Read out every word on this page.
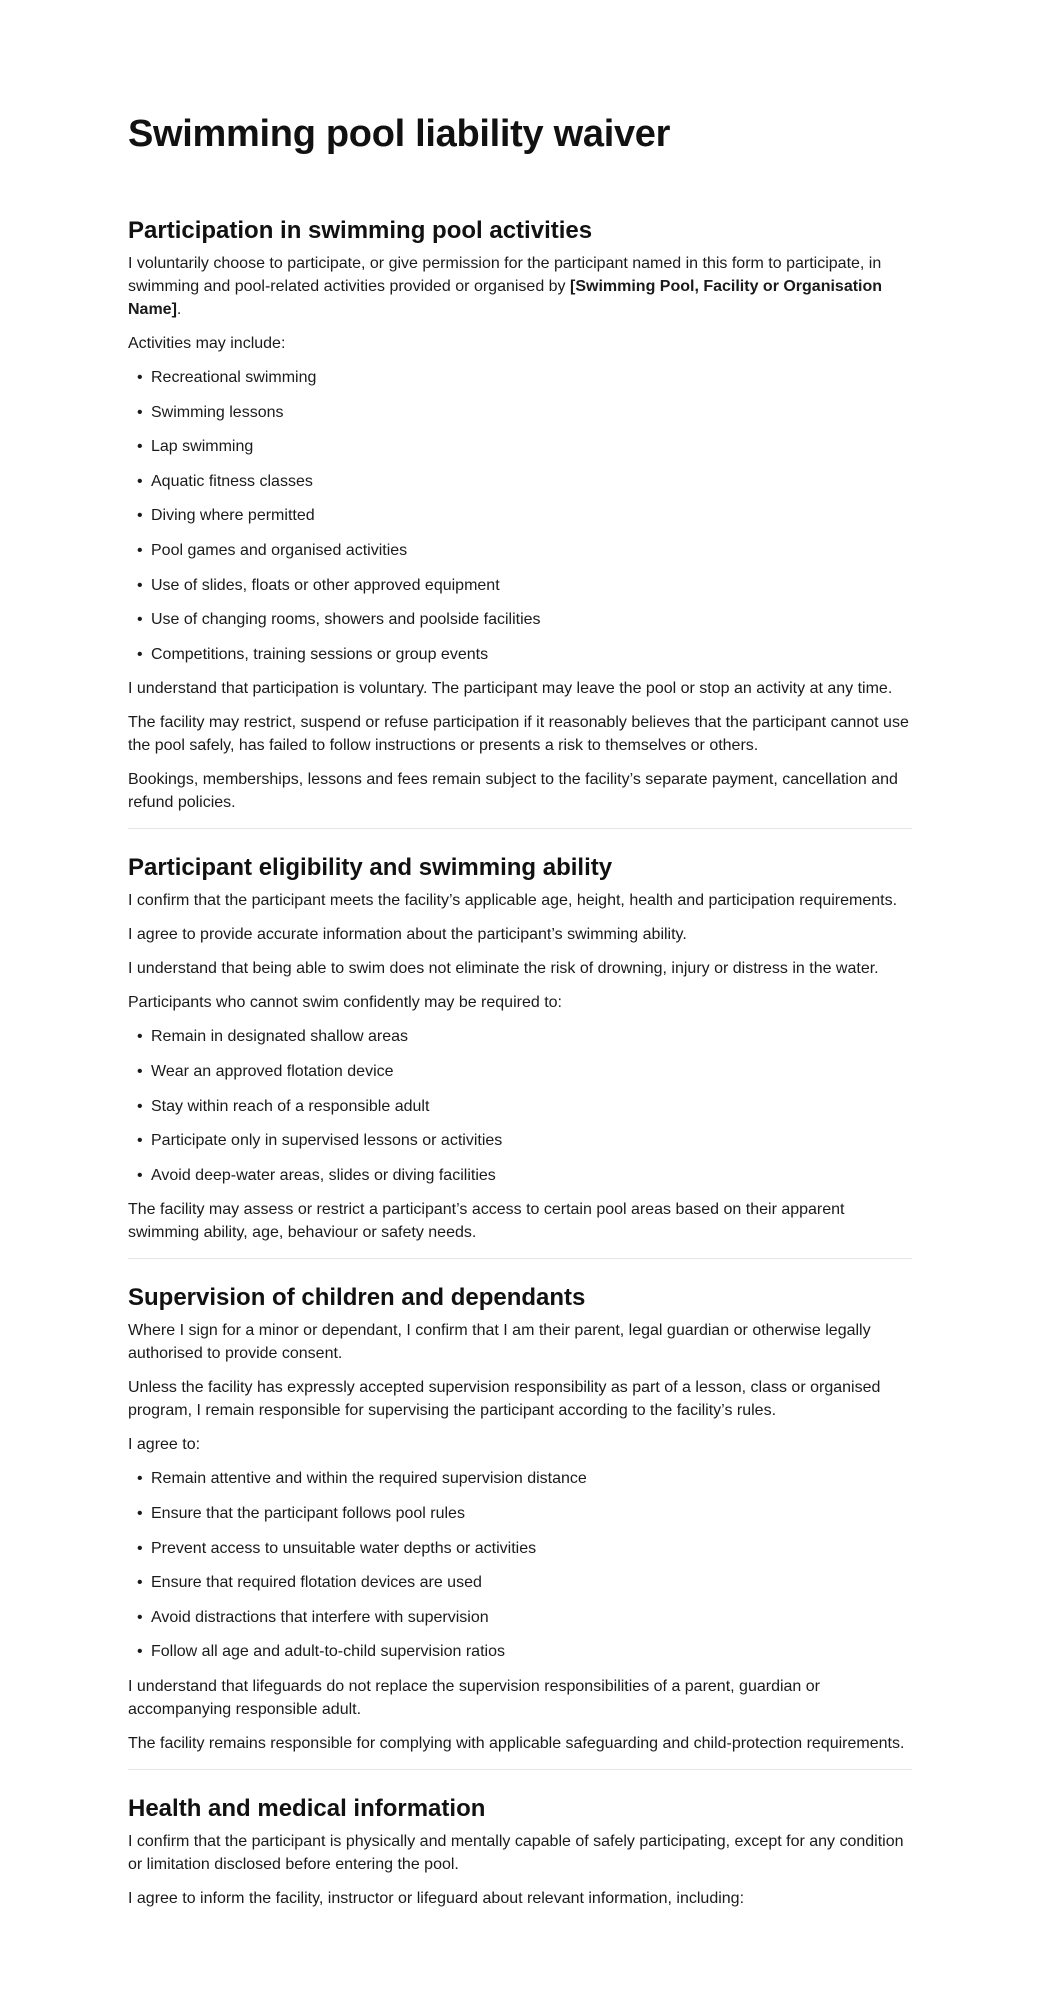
Swimming pool liability waiver
Participation in swimming pool activities

I voluntarily choose to participate, or give permission for the participant named in this form to participate, in swimming and pool-related activities provided or organised by [Swimming Pool, Facility or Organisation Name].

Activities may include:

• Recreational swimming
• Swimming lessons
• Lap swimming
• Aquatic fitness classes
• Diving where permitted
• Pool games and organised activities
• Use of slides, floats or other approved equipment
• Use of changing rooms, showers and poolside facilities
• Competitions, training sessions or group events

I understand that participation is voluntary. The participant may leave the pool or stop an activity at any time.

The facility may restrict, suspend or refuse participation if it reasonably believes that the participant cannot use the pool safely, has failed to follow instructions or presents a risk to themselves or others.

Bookings, memberships, lessons and fees remain subject to the facility’s separate payment, cancellation and refund policies.

Participant eligibility and swimming ability

I confirm that the participant meets the facility’s applicable age, height, health and participation requirements.

I agree to provide accurate information about the participant’s swimming ability.

I understand that being able to swim does not eliminate the risk of drowning, injury or distress in the water.

Participants who cannot swim confidently may be required to:

• Remain in designated shallow areas
• Wear an approved flotation device
• Stay within reach of a responsible adult
• Participate only in supervised lessons or activities
• Avoid deep-water areas, slides or diving facilities

The facility may assess or restrict a participant’s access to certain pool areas based on their apparent swimming ability, age, behaviour or safety needs.

Supervision of children and dependants

Where I sign for a minor or dependant, I confirm that I am their parent, legal guardian or otherwise legally authorised to provide consent.

Unless the facility has expressly accepted supervision responsibility as part of a lesson, class or organised program, I remain responsible for supervising the participant according to the facility’s rules.

I agree to:

• Remain attentive and within the required supervision distance
• Ensure that the participant follows pool rules
• Prevent access to unsuitable water depths or activities
• Ensure that required flotation devices are used
• Avoid distractions that interfere with supervision
• Follow all age and adult-to-child supervision ratios

I understand that lifeguards do not replace the supervision responsibilities of a parent, guardian or accompanying responsible adult.

The facility remains responsible for complying with applicable safeguarding and child-protection requirements.

Health and medical information

I confirm that the participant is physically and mentally capable of safely participating, except for any condition or limitation disclosed before entering the pool.

I agree to inform the facility, instructor or lifeguard about relevant information, including:
